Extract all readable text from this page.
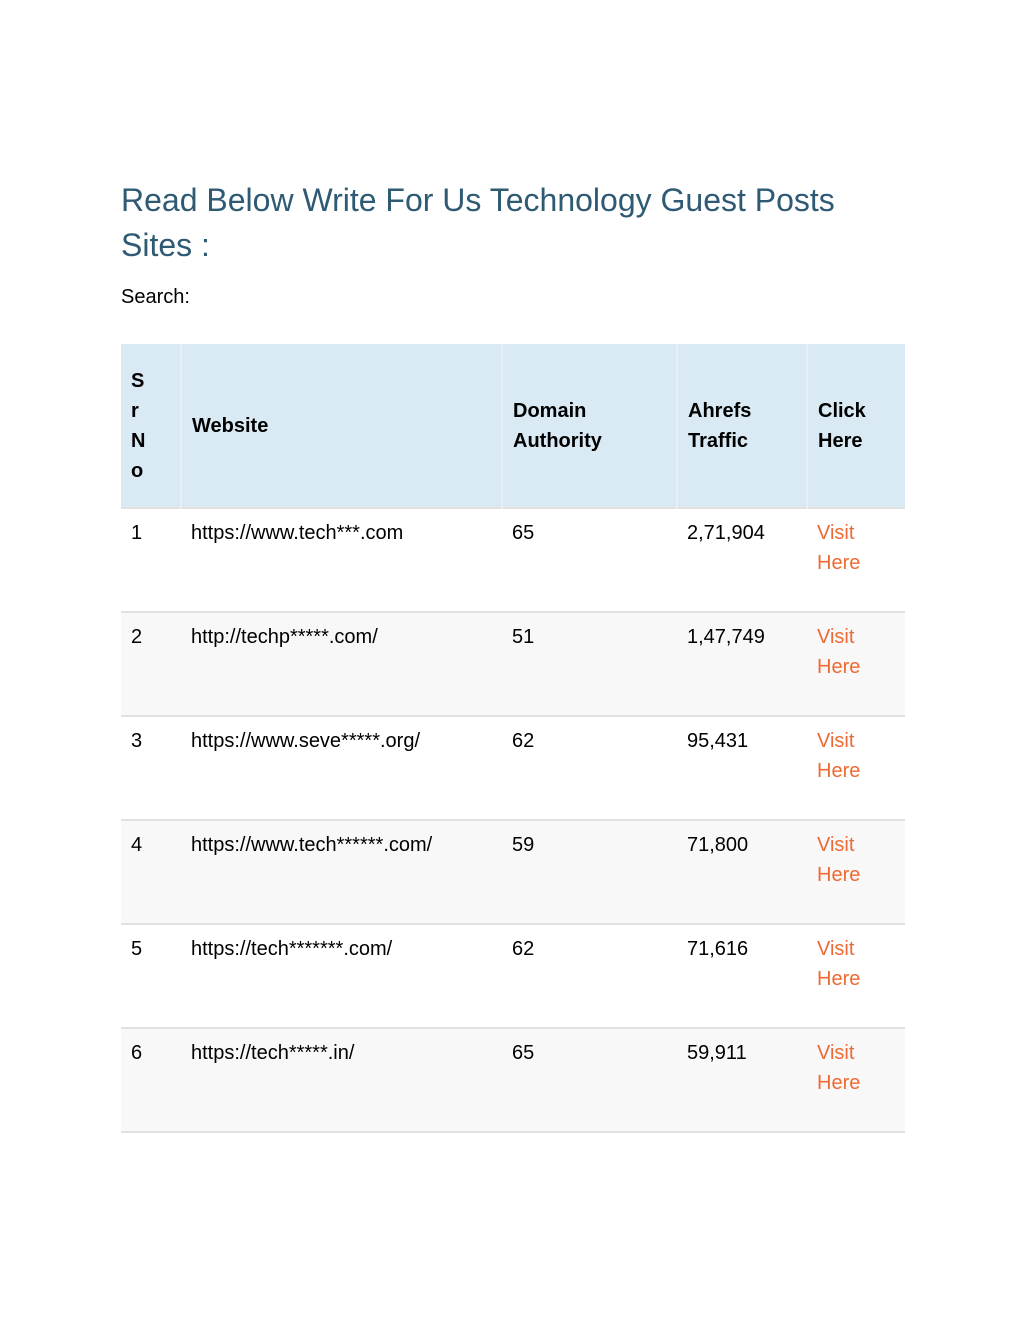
Read Below Write For Us Technology Guest Posts Sites :
Search:
Sr No	Website	Domain Authority	Ahrefs Traffic	Click Here
1	https://www.tech***.com	65	2,71,904	Visit Here
2	http://techp*****.com/	51	1,47,749	Visit Here
3	https://www.seve*****.org/	62	95,431	Visit Here
4	https://www.tech******.com/	59	71,800	Visit Here
5	https://tech*******.com/	62	71,616	Visit Here
6	https://tech*****.in/	65	59,911	Visit Here
